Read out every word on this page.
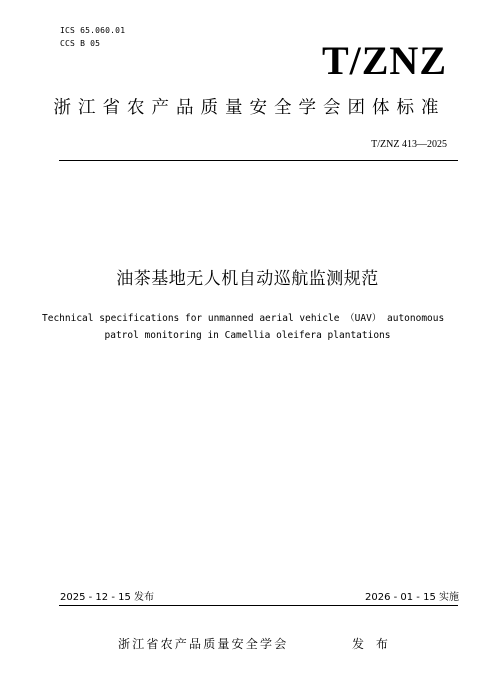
ICS 65.060.01
CCS B 05	T/ZNZ
浙江省农产品质量安全学会团体标准
T/ZNZ 413—2025
油茶基地无人机自动巡航监测规范
Technical specifications for unmanned aerial vehicle （UAV） autonomous
patrol monitoring in Camellia oleifera plantations
2025 - 12 - 15 发布	2026 - 01 - 15 实施
浙江省农产品质量安全学会	发 布
